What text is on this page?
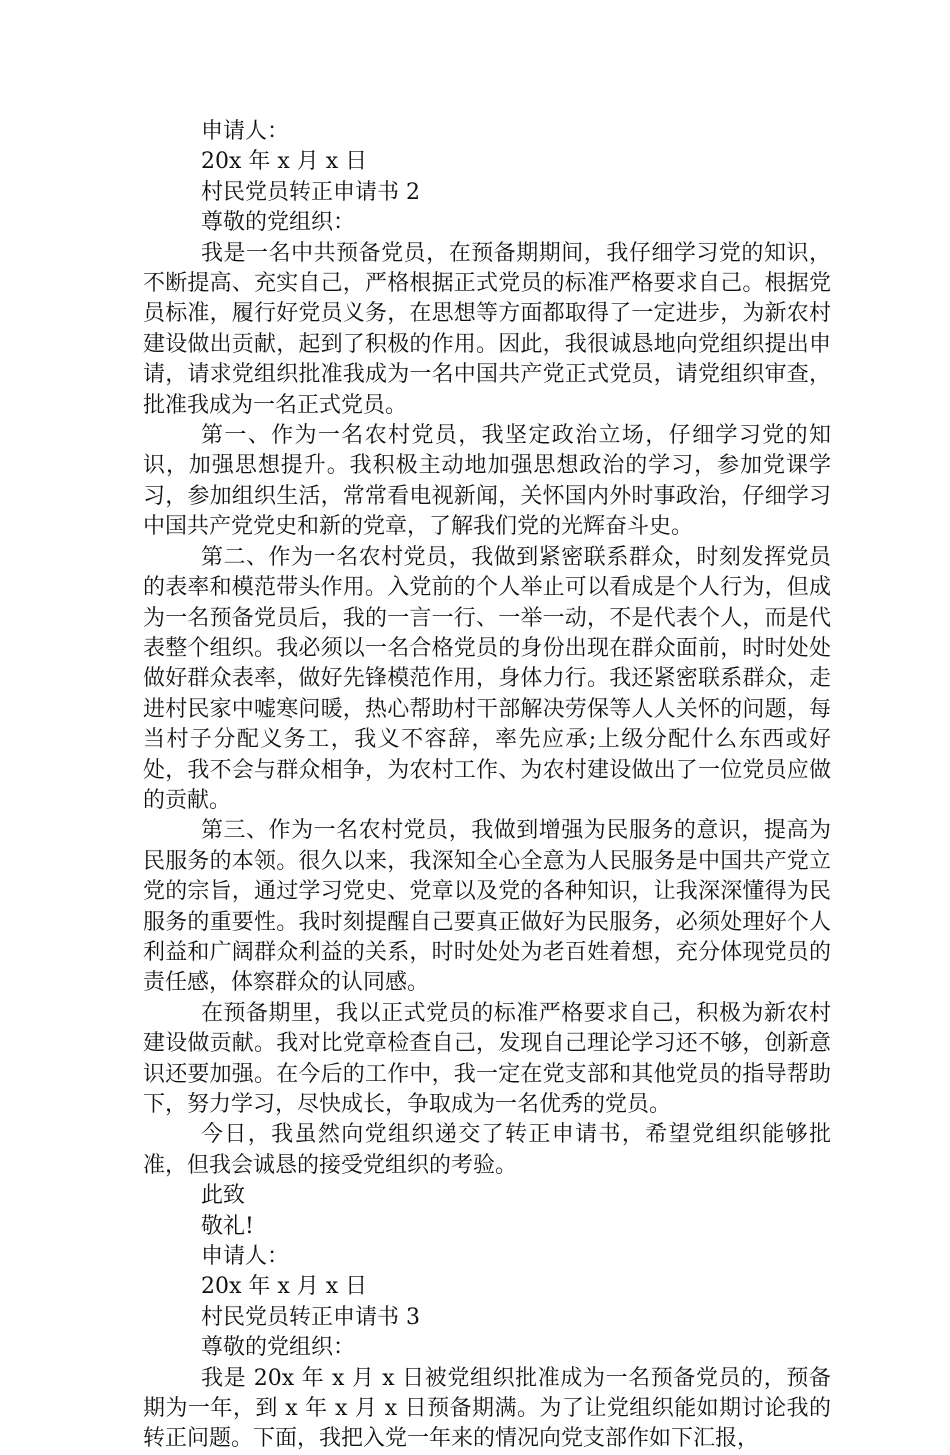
申请人：

20x 年 x 月 x 日

村民党员转正申请书 2

尊敬的党组织：

我是一名中共预备党员，在预备期期间，我仔细学习党的知识，不断提高、充实自己，严格根据正式党员的标准严格要求自己。根据党员标准，履行好党员义务，在思想等方面都取得了一定进步，为新农村建设做出贡献，起到了积极的作用。因此，我很诚恳地向党组织提出申请，请求党组织批准我成为一名中国共产党正式党员，请党组织审查，批准我成为一名正式党员。

第一、作为一名农村党员，我坚定政治立场，仔细学习党的知识，加强思想提升。我积极主动地加强思想政治的学习，参加党课学习，参加组织生活，常常看电视新闻，关怀国内外时事政治，仔细学习中国共产党党史和新的党章，了解我们党的光辉奋斗史。

第二、作为一名农村党员，我做到紧密联系群众，时刻发挥党员的表率和模范带头作用。入党前的个人举止可以看成是个人行为，但成为一名预备党员后，我的一言一行、一举一动，不是代表个人，而是代表整个组织。我必须以一名合格党员的身份出现在群众面前，时时处处做好群众表率，做好先锋模范作用，身体力行。我还紧密联系群众，走进村民家中嘘寒问暖，热心帮助村干部解决劳保等人人关怀的问题，每当村子分配义务工，我义不容辞，率先应承;上级分配什么东西或好处，我不会与群众相争，为农村工作、为农村建设做出了一位党员应做的贡献。

第三、作为一名农村党员，我做到增强为民服务的意识，提高为民服务的本领。很久以来，我深知全心全意为人民服务是中国共产党立党的宗旨，通过学习党史、党章以及党的各种知识，让我深深懂得为民服务的重要性。我时刻提醒自己要真正做好为民服务，必须处理好个人利益和广阔群众利益的关系，时时处处为老百姓着想，充分体现党员的责任感，体察群众的认同感。

在预备期里，我以正式党员的标准严格要求自己，积极为新农村建设做贡献。我对比党章检查自己，发现自己理论学习还不够，创新意识还要加强。在今后的工作中，我一定在党支部和其他党员的指导帮助下，努力学习，尽快成长，争取成为一名优秀的党员。

今日，我虽然向党组织递交了转正申请书，希望党组织能够批准，但我会诚恳的接受党组织的考验。

此致

敬礼!

申请人：

20x 年 x 月 x 日

村民党员转正申请书 3

尊敬的党组织：

我是 20x 年 x 月 x 日被党组织批准成为一名预备党员的，预备期为一年，到 x 年 x 月 x 日预备期满。为了让党组织能如期讨论我的转正问题。下面，我把入党一年来的情况向党支部作如下汇报，
